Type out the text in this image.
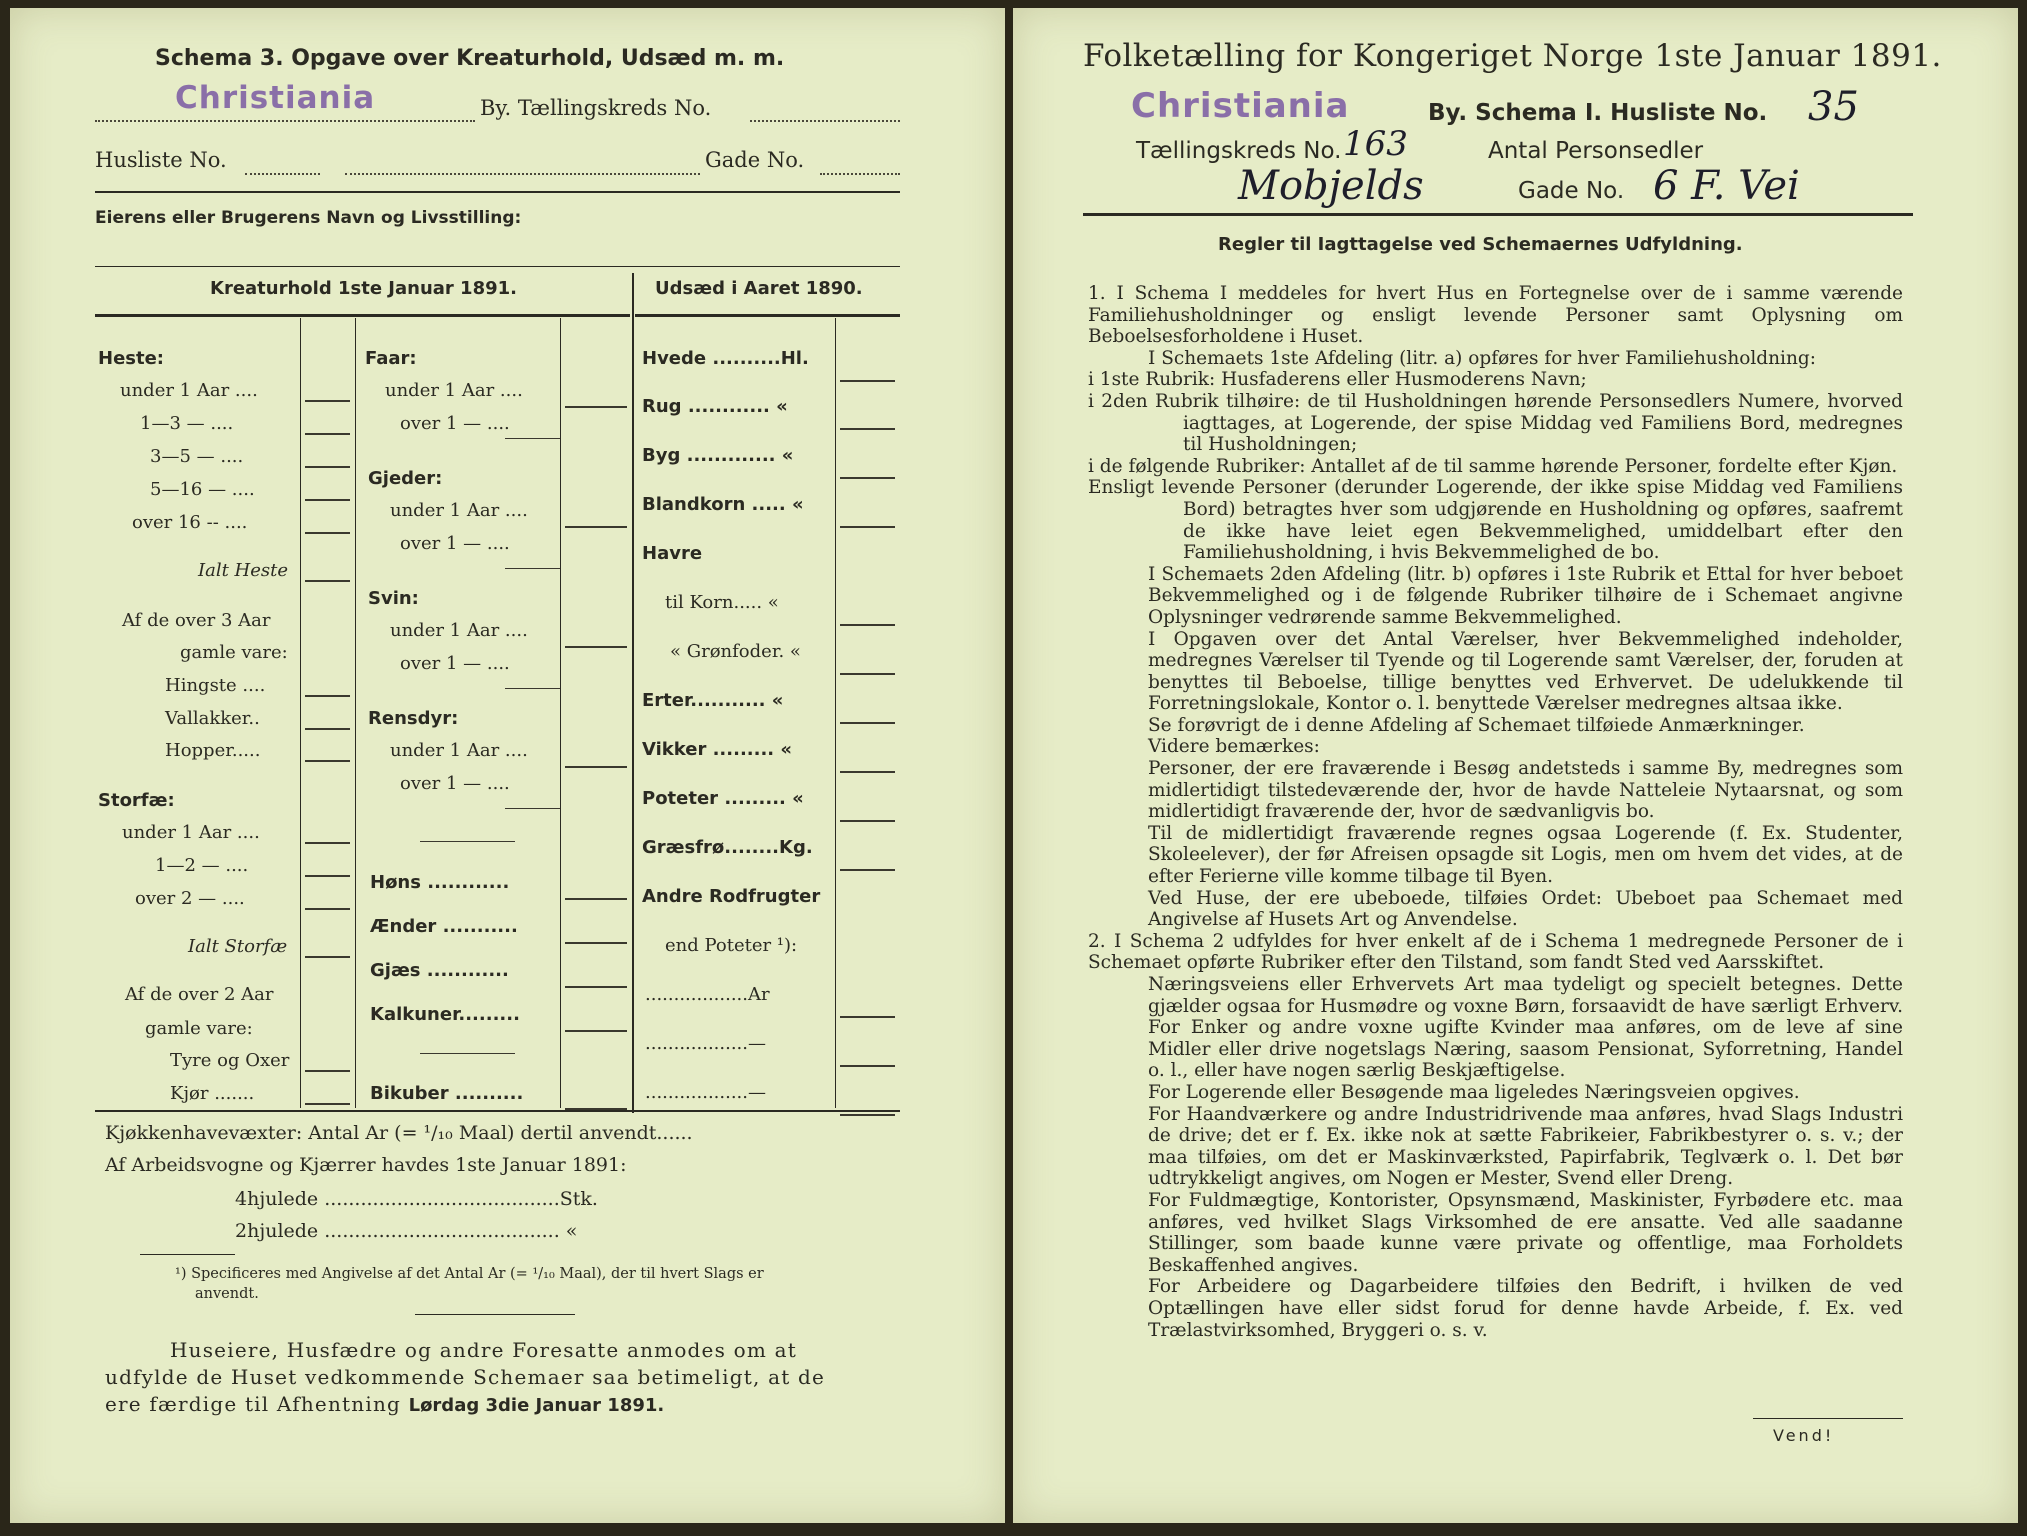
Schema 3. Opgave over Kreaturhold, Udsæd m. m.
Christiania	By. Tællingskreds No.
Husliste No.	Gade No.
Eierens eller Brugerens Navn og Livsstilling:
Kreaturhold 1ste Januar 1891.	Udsæd i Aaret 1890.
Heste:
under 1 Aar ....
1—3 — ....
3—5 — ....
5—16 — ....
over 16 -- ....
Ialt Heste
Af de over 3 Aar
gamle vare:
Hingste ....
Vallakker..
Hopper.....
Storfæ:
under 1 Aar ....
1—2 — ....
over 2 — ....
Ialt Storfæ
Af de over 2 Aar
gamle vare:
Tyre og Oxer
Kjør .......
Faar:
under 1 Aar ....
over 1 — ....
Gjeder:
under 1 Aar ....
over 1 — ....
Svin:
under 1 Aar ....
over 1 — ....
Rensdyr:
under 1 Aar ....
over 1 — ....
Høns ............
Ænder ...........
Gjæs ............
Kalkuner.........
Bikuber ..........
Hvede ..........Hl.
Rug ............ «
Byg ............. «
Blandkorn ..... «
Havre
til Korn..... «
« Grønfoder. «
Erter........... «
Vikker ......... «
Poteter ......... «
Græsfrø........Kg.
Andre Rodfrugter
end Poteter ¹):
..................Ar
..................—
..................—
Kjøkkenhavevæxter: Antal Ar (= ¹/₁₀ Maal) dertil anvendt......
Af Arbeidsvogne og Kjærrer havdes 1ste Januar 1891:
4hjulede .......................................Stk.
2hjulede ....................................... «
¹) Specificeres med Angivelse af det Antal Ar (= ¹/₁₀ Maal), der til hvert Slags er
anvendt.
Huseiere, Husfædre og andre Foresatte anmodes om at
udfylde de Huset vedkommende Schemaer saa betimeligt, at de
ere færdige til Afhentning Lørdag 3die Januar 1891.
Folketælling for Kongeriget Norge 1ste Januar 1891.
Christiania	By. Schema I. Husliste No. 35
Tællingskreds No. 163	Antal Personsedler
Mobjelds	Gade No. 6 F. Vei
Regler til Iagttagelse ved Schemaernes Udfyldning.

1. I Schema I meddeles for hvert Hus en Fortegnelse over de i samme værende Familiehusholdninger og ensligt levende Personer samt Oplysning om Beboelsesforholdene i Huset.

I Schemaets 1ste Afdeling (litr. a) opføres for hver Familiehusholdning:

i 1ste Rubrik: Husfaderens eller Husmoderens Navn;

i 2den Rubrik tilhøire: de til Husholdningen hørende Personsedlers Numere, hvorved iagttages, at Logerende, der spise Middag ved Familiens Bord, medregnes til Husholdningen;

i de følgende Rubriker: Antallet af de til samme hørende Personer, fordelte efter Kjøn.

Ensligt levende Personer (derunder Logerende, der ikke spise Middag ved Familiens Bord) betragtes hver som udgjørende en Husholdning og opføres, saafremt de ikke have leiet egen Bekvemmelighed, umiddelbart efter den Familiehusholdning, i hvis Bekvemmelighed de bo.

I Schemaets 2den Afdeling (litr. b) opføres i 1ste Rubrik et Ettal for hver beboet Bekvemmelighed og i de følgende Rubriker tilhøire de i Schemaet angivne Oplysninger vedrørende samme Bekvemmelighed.

I Opgaven over det Antal Værelser, hver Bekvemmelighed indeholder, medregnes Værelser til Tyende og til Logerende samt Værelser, der, foruden at benyttes til Beboelse, tillige benyttes ved Erhvervet. De udelukkende til Forretningslokale, Kontor o. l. benyttede Værelser medregnes altsaa ikke.

Se forøvrigt de i denne Afdeling af Schemaet tilføiede Anmærkninger.

Videre bemærkes:

Personer, der ere fraværende i Besøg andetsteds i samme By, medregnes som midlertidigt tilstedeværende der, hvor de havde Natteleie Nytaarsnat, og som midlertidigt fraværende der, hvor de sædvanligvis bo.

Til de midlertidigt fraværende regnes ogsaa Logerende (f. Ex. Studenter, Skoleelever), der før Afreisen opsagde sit Logis, men om hvem det vides, at de efter Ferierne ville komme tilbage til Byen.

Ved Huse, der ere ubeboede, tilføies Ordet: Ubeboet paa Schemaet med Angivelse af Husets Art og Anvendelse.

2. I Schema 2 udfyldes for hver enkelt af de i Schema 1 medregnede Personer de i Schemaet opførte Rubriker efter den Tilstand, som fandt Sted ved Aarsskiftet.

Næringsveiens eller Erhvervets Art maa tydeligt og specielt betegnes. Dette gjælder ogsaa for Husmødre og voxne Børn, forsaavidt de have særligt Erhverv. For Enker og andre voxne ugifte Kvinder maa anføres, om de leve af sine Midler eller drive nogetslags Næring, saasom Pensionat, Syforretning, Handel o. l., eller have nogen særlig Beskjæftigelse.

For Logerende eller Besøgende maa ligeledes Næringsveien opgives.

For Haandværkere og andre Industridrivende maa anføres, hvad Slags Industri de drive; det er f. Ex. ikke nok at sætte Fabrikeier, Fabrikbestyrer o. s. v.; der maa tilføies, om det er Maskinværksted, Papirfabrik, Teglværk o. l. Det bør udtrykkeligt angives, om Nogen er Mester, Svend eller Dreng.

For Fuldmægtige, Kontorister, Opsynsmænd, Maskinister, Fyrbødere etc. maa anføres, ved hvilket Slags Virksomhed de ere ansatte. Ved alle saadanne Stillinger, som baade kunne være private og offentlige, maa Forholdets Beskaffenhed angives.

For Arbeidere og Dagarbeidere tilføies den Bedrift, i hvilken de ved Optællingen have eller sidst forud for denne havde Arbeide, f. Ex. ved Trælastvirksomhed, Bryggeri o. s. v.

Vend!
